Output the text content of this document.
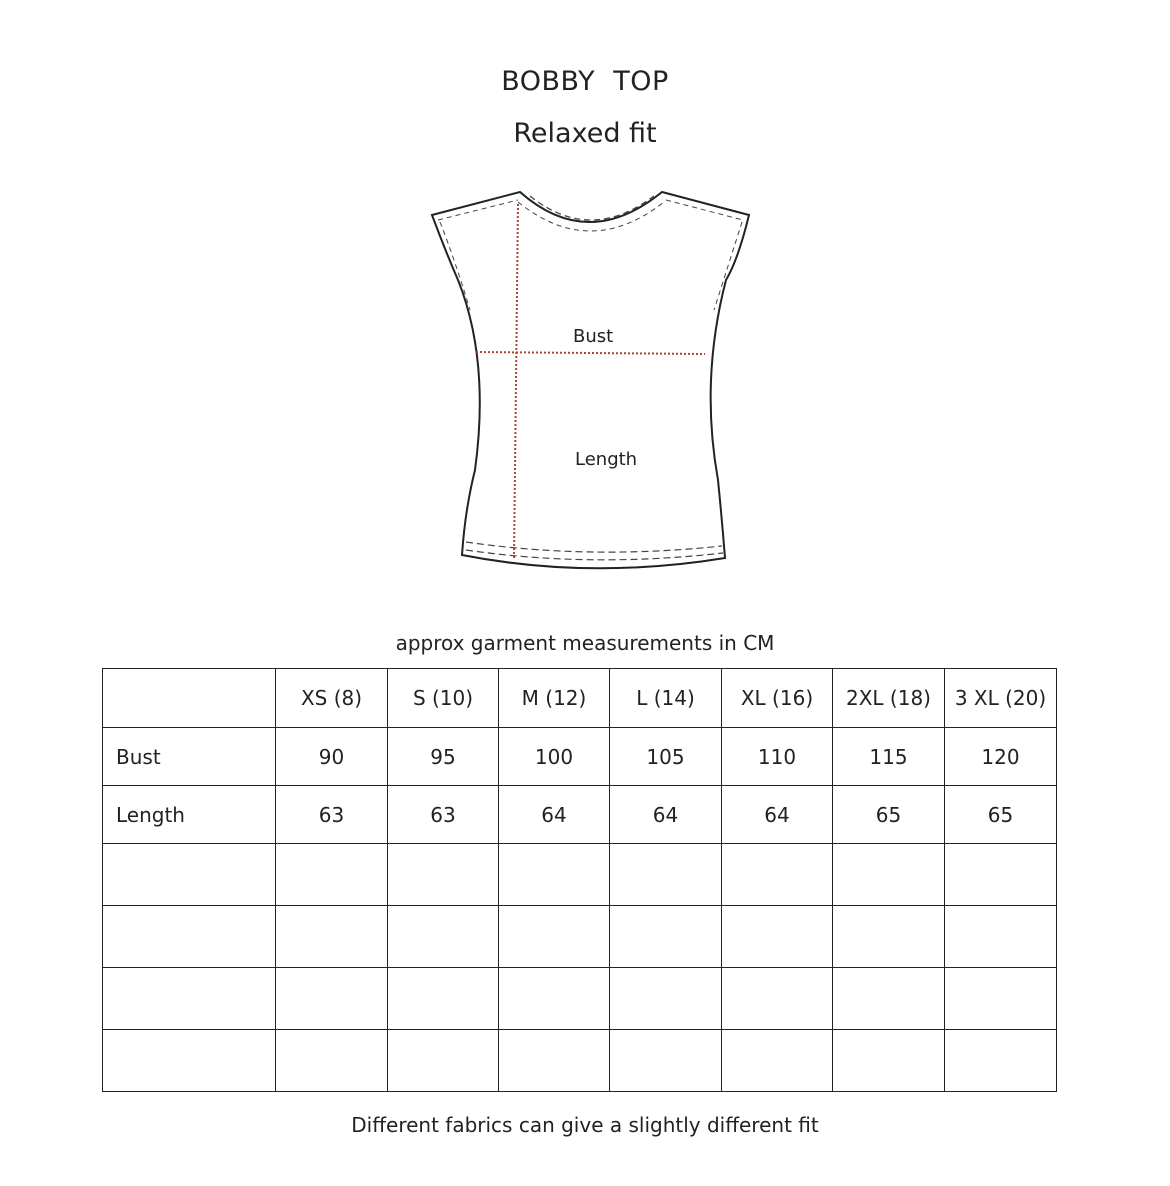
BOBBY  TOP
Relaxed fit
Bust
Length
approx garment measurements in CM
	XS (8)	S (10)	M (12)	L (14)	XL (16)	2XL (18)	3 XL (20)
Bust	90	95	100	105	110	115	120
Length	63	63	64	64	64	65	65

Different fabrics can give a slightly different fit
